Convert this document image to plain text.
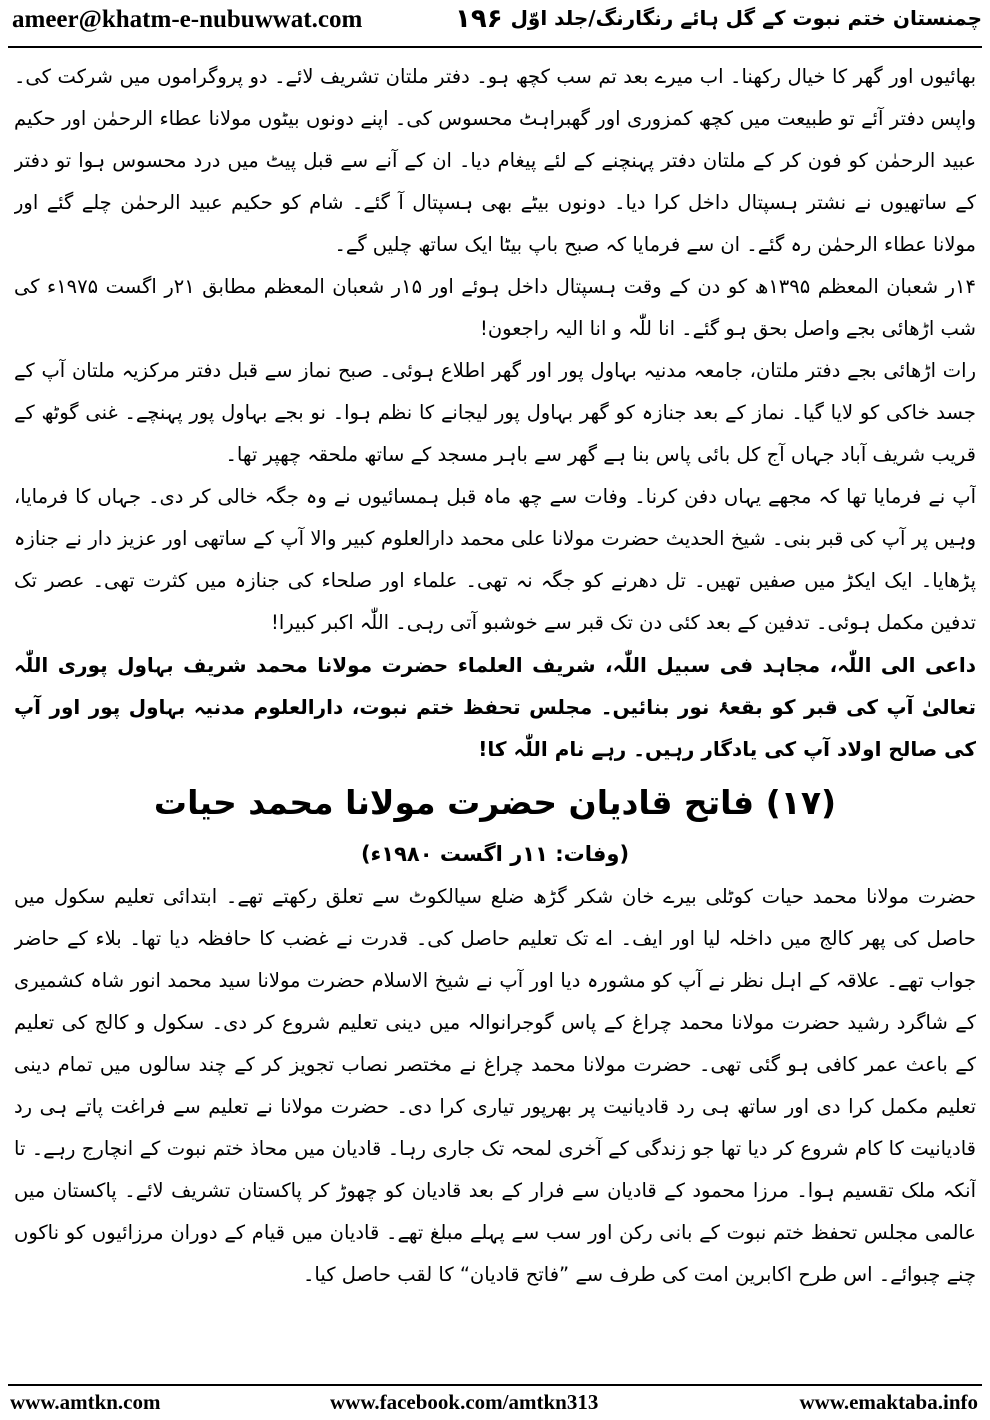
ameer@khatm-e-nubuwwat.com	۱۹۶ چمنستان ختم نبوت کے گل ہائے رنگارنگ/جلد اوّل

بھائیوں اور گھر کا خیال رکھنا۔ اب میرے بعد تم سب کچھ ہو۔ دفتر ملتان تشریف لائے۔ دو پروگراموں میں شرکت کی۔ واپس دفتر آئے تو طبیعت میں کچھ کمزوری اور گھبراہٹ محسوس کی۔ اپنے دونوں بیٹوں مولانا عطاء الرحمٰن اور حکیم عبید الرحمٰن کو فون کر کے ملتان دفتر پہنچنے کے لئے پیغام دیا۔ ان کے آنے سے قبل پیٹ میں درد محسوس ہوا تو دفتر کے ساتھیوں نے نشتر ہسپتال داخل کرا دیا۔ دونوں بیٹے بھی ہسپتال آ گئے۔ شام کو حکیم عبید الرحمٰن چلے گئے اور مولانا عطاء الرحمٰن رہ گئے۔ ان سے فرمایا کہ صبح باپ بیٹا ایک ساتھ چلیں گے۔

۱۴ر شعبان المعظم ۱۳۹۵ھ کو دن کے وقت ہسپتال داخل ہوئے اور ۱۵ر شعبان المعظم مطابق ۲۱ر اگست ۱۹۷۵ء کی شب اڑھائی بجے واصل بحق ہو گئے۔ انا للّٰہ و انا الیہ راجعون!

رات اڑھائی بجے دفتر ملتان، جامعہ مدنیہ بہاول پور اور گھر اطلاع ہوئی۔ صبح نماز سے قبل دفتر مرکزیہ ملتان آپ کے جسد خاکی کو لایا گیا۔ نماز کے بعد جنازہ کو گھر بہاول پور لیجانے کا نظم ہوا۔ نو بجے بہاول پور پہنچے۔ غنی گوٹھ کے قریب شریف آباد جہاں آج کل بائی پاس بنا ہے گھر سے باہر مسجد کے ساتھ ملحقہ چھپر تھا۔

آپ نے فرمایا تھا کہ مجھے یہاں دفن کرنا۔ وفات سے چھ ماہ قبل ہمسائیوں نے وہ جگہ خالی کر دی۔ جہاں کا فرمایا، وہیں پر آپ کی قبر بنی۔ شیخ الحدیث حضرت مولانا علی محمد دارالعلوم کبیر والا آپ کے ساتھی اور عزیز دار نے جنازہ پڑھایا۔ ایک ایکڑ میں صفیں تھیں۔ تل دھرنے کو جگہ نہ تھی۔ علماء اور صلحاء کی جنازہ میں کثرت تھی۔ عصر تک تدفین مکمل ہوئی۔ تدفین کے بعد کئی دن تک قبر سے خوشبو آتی رہی۔ اللّٰہ اکبر کبیرا!

داعی الی اللّٰہ، مجاہد فی سبیل اللّٰہ، شریف العلماء حضرت مولانا محمد شریف بہاول پوری اللّٰہ تعالیٰ آپ کی قبر کو بقعۂ نور بنائیں۔ مجلس تحفظ ختم نبوت، دارالعلوم مدنیہ بہاول پور اور آپ کی صالح اولاد آپ کی یادگار رہیں۔ رہے نام اللّٰہ کا!

(۱۷) فاتح قادیان حضرت مولانا محمد حیات

(وفات: ۱۱ر اگست ۱۹۸۰ء)

حضرت مولانا محمد حیات کوٹلی بیرے خان شکر گڑھ ضلع سیالکوٹ سے تعلق رکھتے تھے۔ ابتدائی تعلیم سکول میں حاصل کی پھر کالج میں داخلہ لیا اور ایف۔ اے تک تعلیم حاصل کی۔ قدرت نے غضب کا حافظہ دیا تھا۔ بلاء کے حاضر جواب تھے۔ علاقہ کے اہل نظر نے آپ کو مشورہ دیا اور آپ نے شیخ الاسلام حضرت مولانا سید محمد انور شاہ کشمیری کے شاگرد رشید حضرت مولانا محمد چراغ کے پاس گوجرانوالہ میں دینی تعلیم شروع کر دی۔ سکول و کالج کی تعلیم کے باعث عمر کافی ہو گئی تھی۔ حضرت مولانا محمد چراغ نے مختصر نصاب تجویز کر کے چند سالوں میں تمام دینی تعلیم مکمل کرا دی اور ساتھ ہی رد قادیانیت پر بھرپور تیاری کرا دی۔ حضرت مولانا نے تعلیم سے فراغت پاتے ہی رد قادیانیت کا کام شروع کر دیا تھا جو زندگی کے آخری لمحہ تک جاری رہا۔ قادیان میں محاذ ختم نبوت کے انچارج رہے۔ تا آنکہ ملک تقسیم ہوا۔ مرزا محمود کے قادیان سے فرار کے بعد قادیان کو چھوڑ کر پاکستان تشریف لائے۔ پاکستان میں عالمی مجلس تحفظ ختم نبوت کے بانی رکن اور سب سے پہلے مبلغ تھے۔ قادیان میں قیام کے دوران مرزائیوں کو ناکوں چنے چبوائے۔ اس طرح اکابرین امت کی طرف سے ”فاتح قادیان“ کا لقب حاصل کیا۔

www.amtkn.com	www.facebook.com/amtkn313	www.emaktaba.info
